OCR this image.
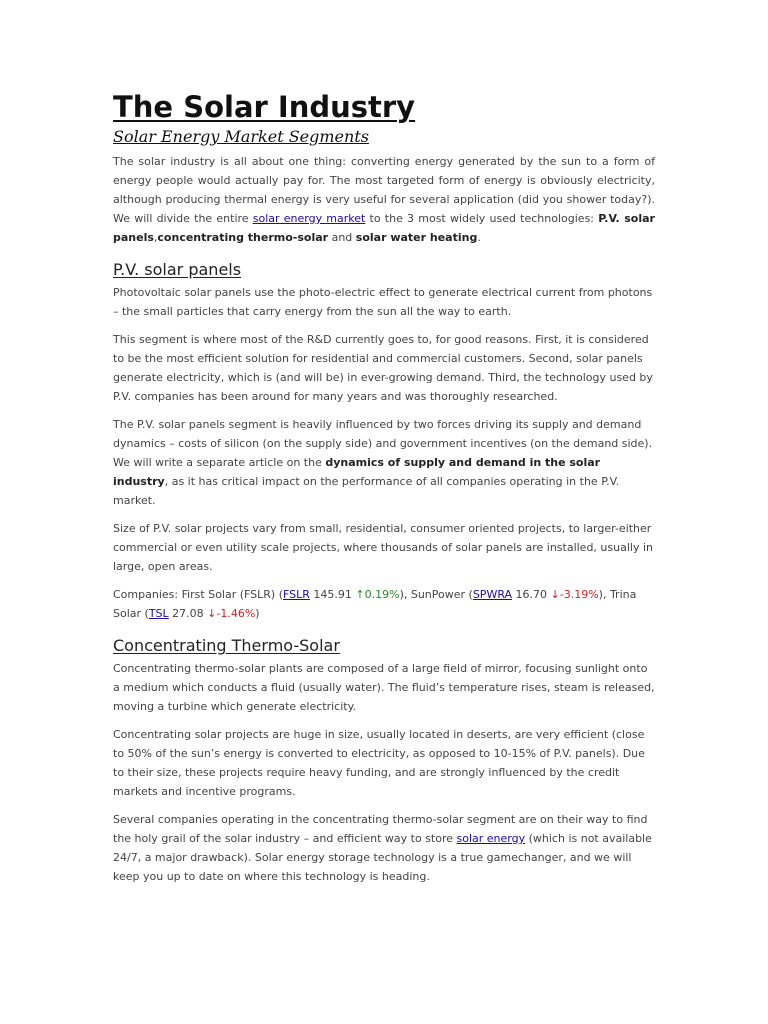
The Solar Industry
Solar Energy Market Segments

The solar industry is all about one thing: converting energy generated by the sun to a form of energy people would actually pay for. The most targeted form of energy is obviously electricity, although producing thermal energy is very useful for several application (did you shower today?). We will divide the entire solar energy market to the 3 most widely used technologies: P.V. solar panels,concentrating thermo-solar and solar water heating.

P.V. solar panels

Photovoltaic solar panels use the photo-electric effect to generate electrical current from photons – the small particles that carry energy from the sun all the way to earth.

This segment is where most of the R&D currently goes to, for good reasons. First, it is considered to be the most efficient solution for residential and commercial customers. Second, solar panels generate electricity, which is (and will be) in ever-growing demand. Third, the technology used by P.V. companies has been around for many years and was thoroughly researched.

The P.V. solar panels segment is heavily influenced by two forces driving its supply and demand dynamics – costs of silicon (on the supply side) and government incentives (on the demand side). We will write a separate article on the dynamics of supply and demand in the solar industry, as it has critical impact on the performance of all companies operating in the P.V. market.

Size of P.V. solar projects vary from small, residential, consumer oriented projects, to larger-either commercial or even utility scale projects, where thousands of solar panels are installed, usually in large, open areas.

Companies: First Solar (FSLR) (FSLR 145.91 ↑0.19%), SunPower (SPWRA 16.70 ↓-3.19%), Trina Solar (TSL 27.08 ↓-1.46%)

Concentrating Thermo-Solar

Concentrating thermo-solar plants are composed of a large field of mirror, focusing sunlight onto a medium which conducts a fluid (usually water). The fluid’s temperature rises, steam is released, moving a turbine which generate electricity.

Concentrating solar projects are huge in size, usually located in deserts, are very efficient (close to 50% of the sun’s energy is converted to electricity, as opposed to 10-15% of P.V. panels). Due to their size, these projects require heavy funding, and are strongly influenced by the credit markets and incentive programs.

Several companies operating in the concentrating thermo-solar segment are on their way to find the holy grail of the solar industry – and efficient way to store solar energy (which is not available 24/7, a major drawback). Solar energy storage technology is a true gamechanger, and we will keep you up to date on where this technology is heading.
